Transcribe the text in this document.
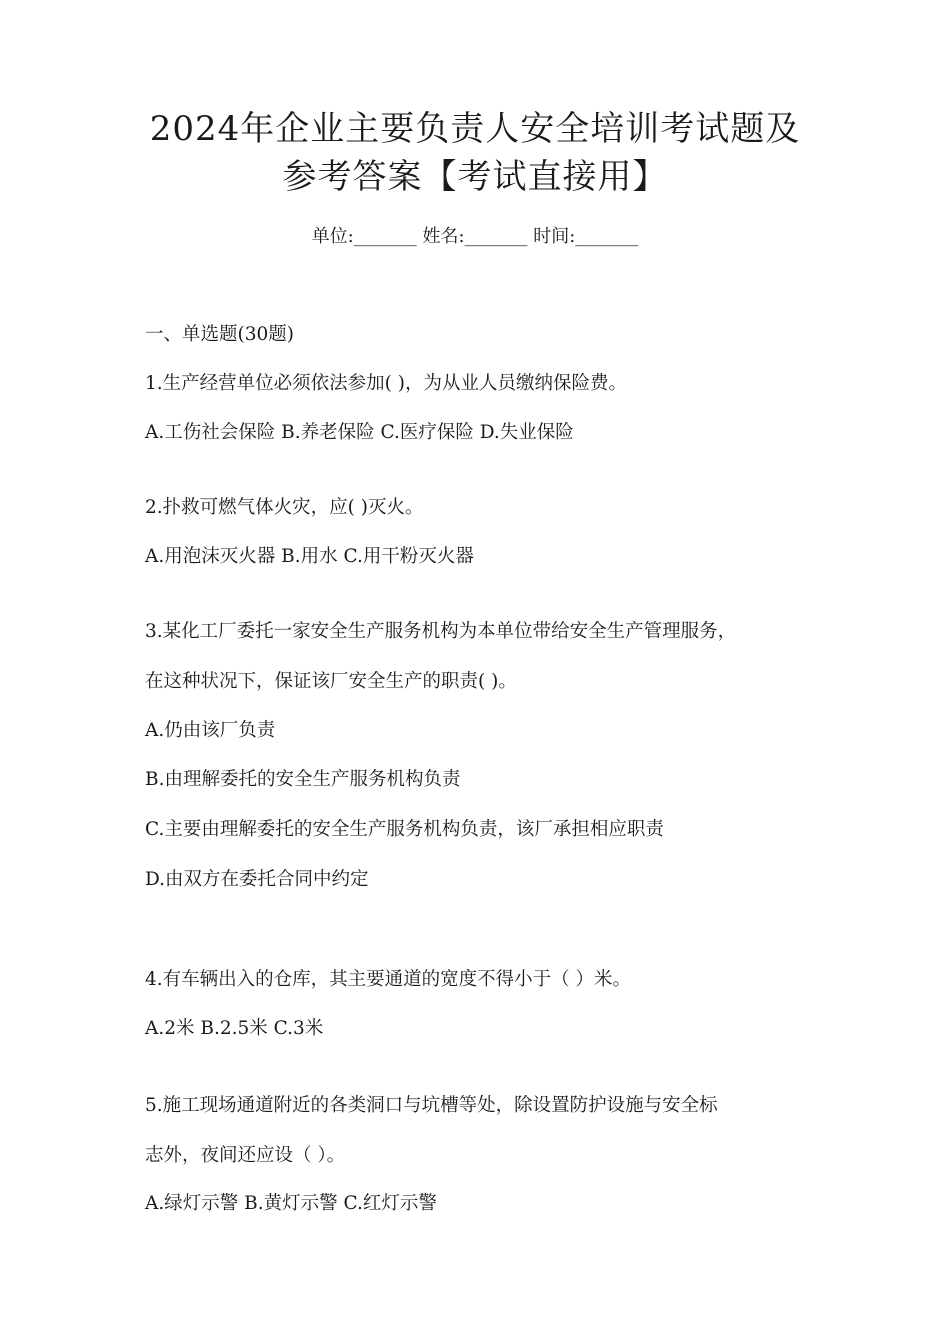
2024年企业主要负责人安全培训考试题及
参考答案【考试直接用】
单位:_______ 姓名:_______ 时间:_______
一、单选题(30题)
1.生产经营单位必须依法参加( )，为从业人员缴纳保险费。
A.工伤社会保险 B.养老保险 C.医疗保险 D.失业保险
2.扑救可燃气体火灾，应( )灭火。
A.用泡沫灭火器 B.用水 C.用干粉灭火器
3.某化工厂委托一家安全生产服务机构为本单位带给安全生产管理服务，
在这种状况下，保证该厂安全生产的职责( )。
A.仍由该厂负责
B.由理解委托的安全生产服务机构负责
C.主要由理解委托的安全生产服务机构负责，该厂承担相应职责
D.由双方在委托合同中约定
4.有车辆出入的仓库，其主要通道的宽度不得小于（ ）米。
A.2米 B.2.5米 C.3米
5.施工现场通道附近的各类洞口与坑槽等处，除设置防护设施与安全标
志外，夜间还应设（ ）。
A.绿灯示警 B.黄灯示警 C.红灯示警
